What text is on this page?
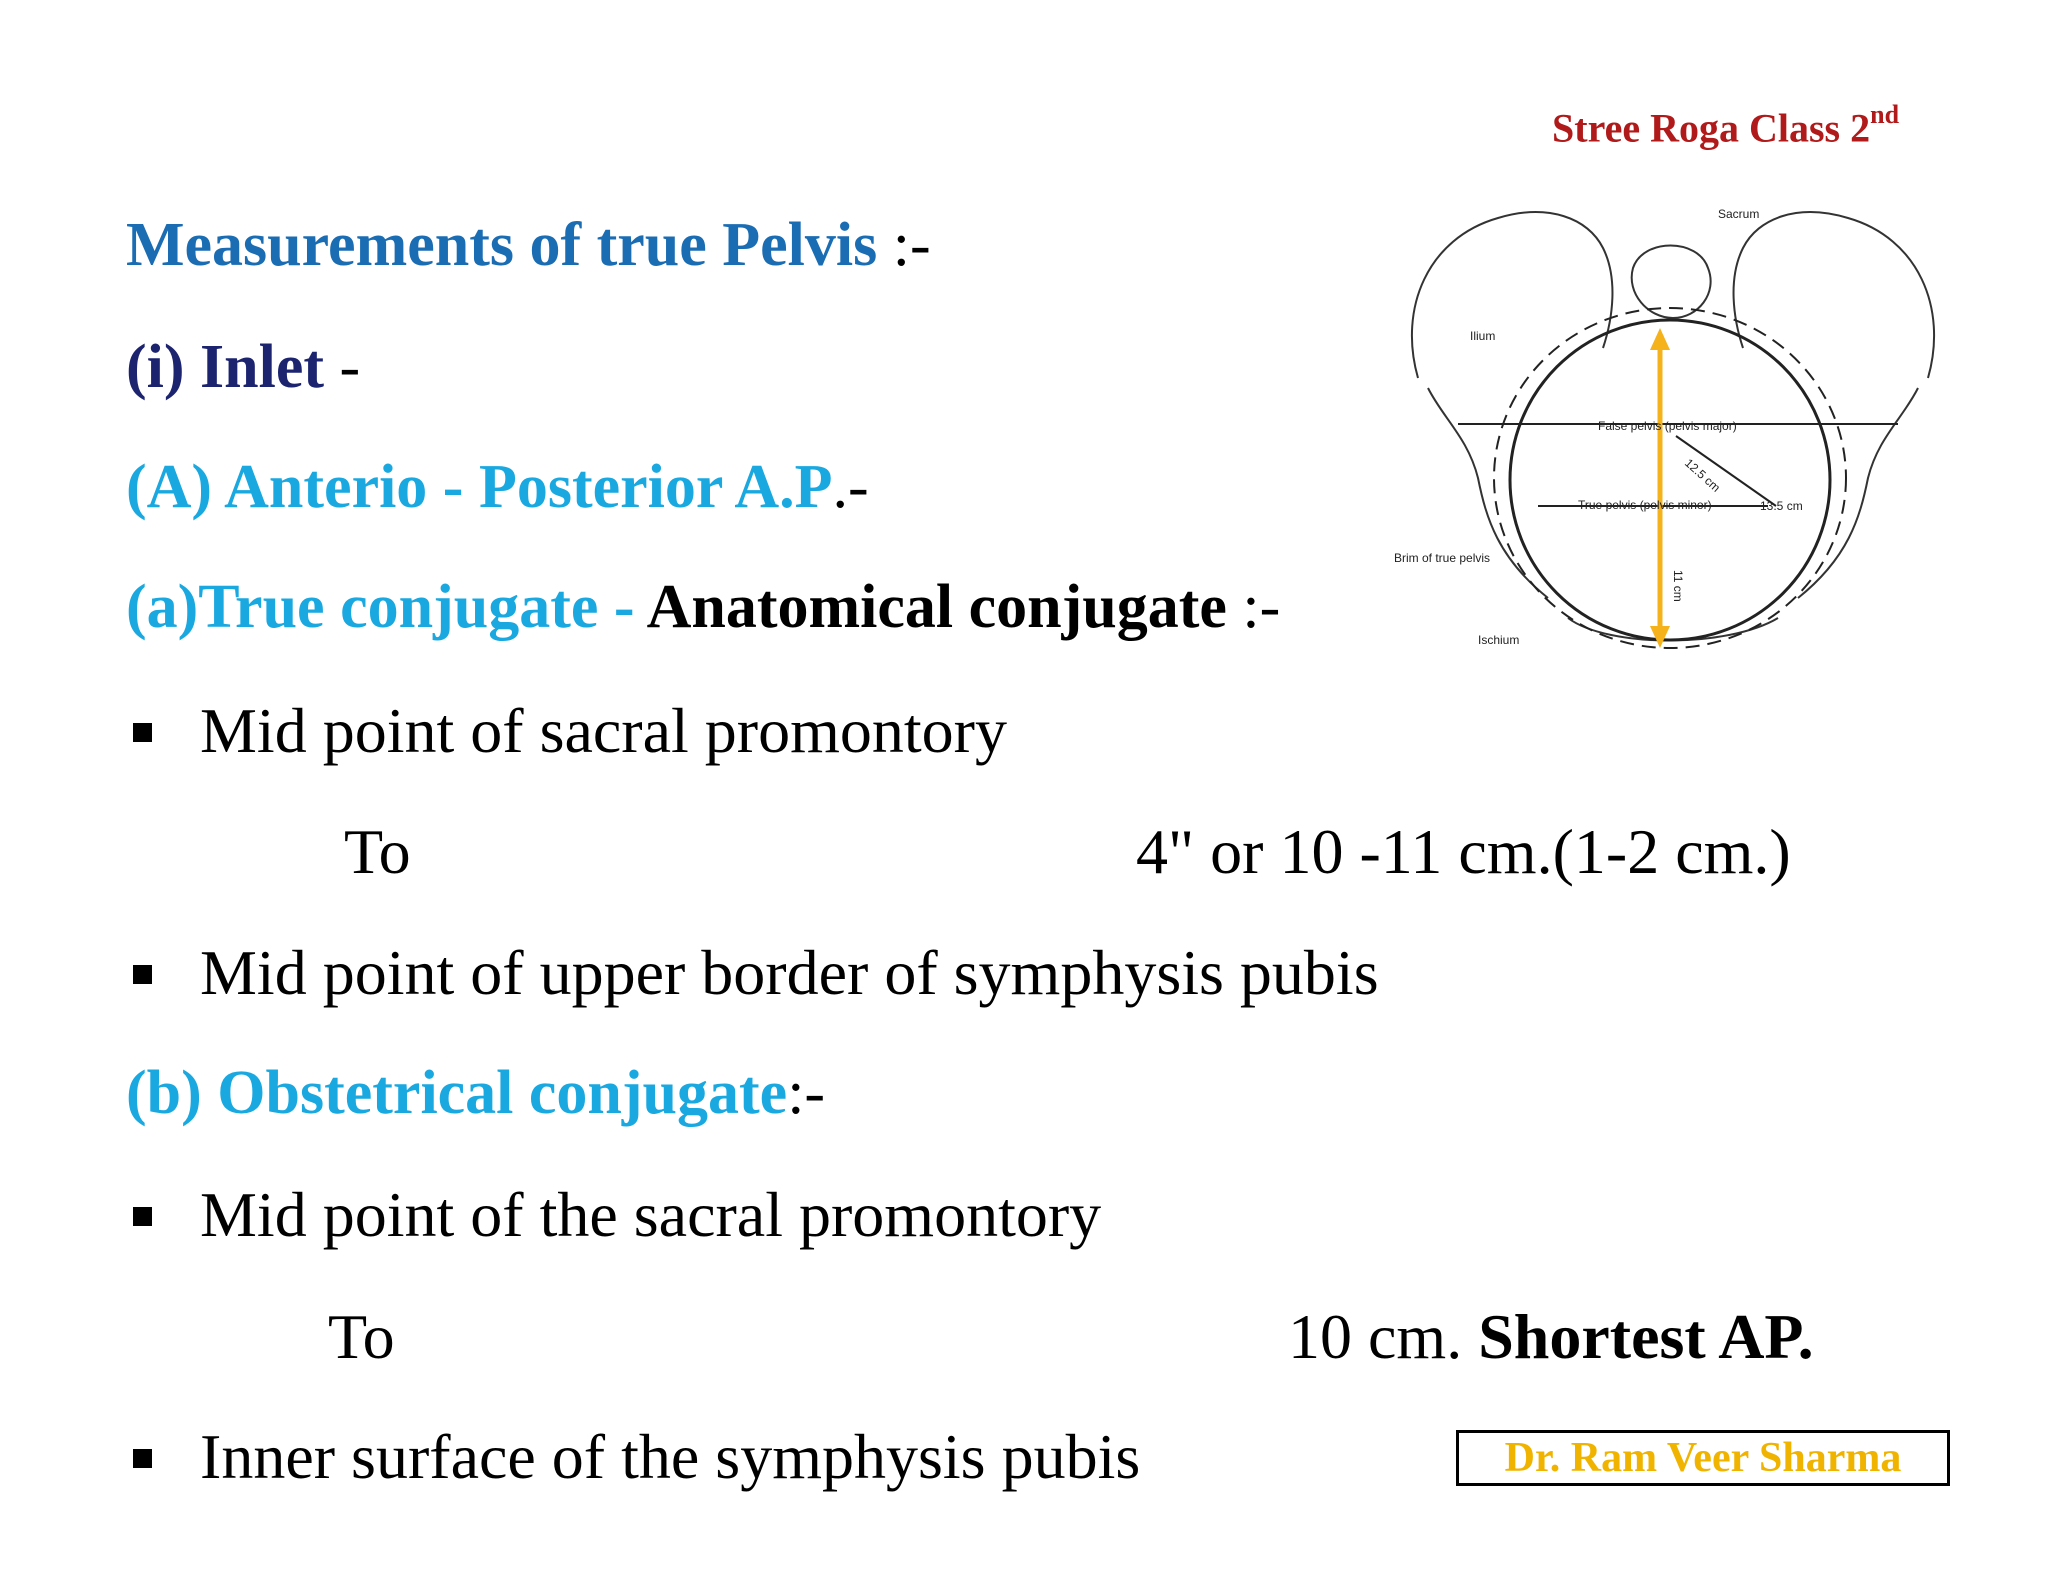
Stree Roga Class 2nd
Measurements of true Pelvis :-
(i) Inlet -
(A) Anterio - Posterior A.P.-
(a)True conjugate - Anatomical conjugate :-
Mid point of sacral promontory
To	4" or 10 -11 cm.(1-2 cm.)
Mid point of upper border of symphysis pubis
(b) Obstetrical conjugate:-
Mid point of the sacral promontory
To	10 cm. Shortest AP.
Inner surface of the symphysis pubis	Dr. Ram Veer Sharma
Sacrum
Ilium
False pelvis (pelvis major)
True pelvis (pelvis minor)
Brim of true pelvis
Ischium
12.5 cm
13.5 cm
11 cm
